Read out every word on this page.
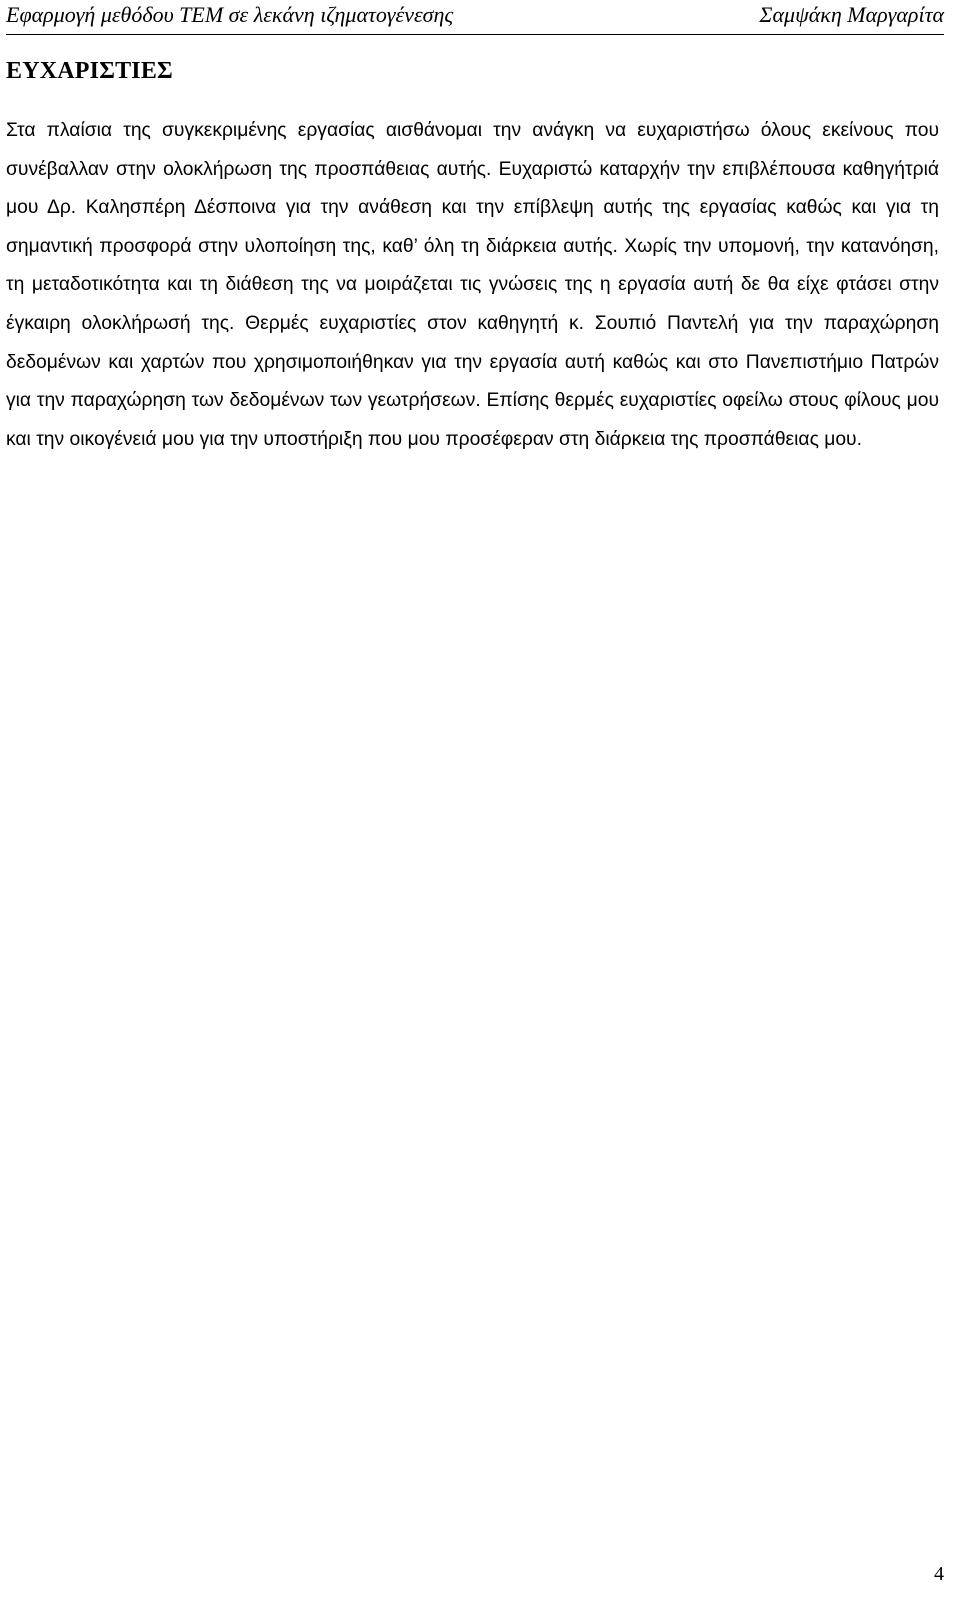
Εφαρμογή μεθόδου ΤΕΜ σε λεκάνη ιζηματογένεσης	Σαμψάκη Μαργαρίτα
ΕΥΧΑΡΙΣΤΙΕΣ

Στα πλαίσια της συγκεκριμένης εργασίας αισθάνομαι την ανάγκη να ευχαριστήσω όλους εκείνους που συνέβαλλαν στην ολοκλήρωση της προσπάθειας αυτής. Ευχαριστώ καταρχήν την επιβλέπουσα καθηγήτριά μου Δρ. Καλησπέρη Δέσποινα για την ανάθεση και την επίβλεψη αυτής της εργασίας καθώς και για τη σημαντική προσφορά στην υλοποίηση της, καθ’ όλη τη διάρκεια αυτής. Χωρίς την υπομονή, την κατανόηση, τη μεταδοτικότητα και τη διάθεση της να μοιράζεται τις γνώσεις της η εργασία αυτή δε θα είχε φτάσει στην έγκαιρη ολοκλήρωσή της. Θερμές ευχαριστίες στον καθηγητή κ. Σουπιό Παντελή για την παραχώρηση δεδομένων και χαρτών που χρησιμοποιήθηκαν για την εργασία αυτή καθώς και στο Πανεπιστήμιο Πατρών για την παραχώρηση των δεδομένων των γεωτρήσεων. Επίσης θερμές ευχαριστίες οφείλω στους φίλους μου και την οικογένειά μου για την υποστήριξη που μου προσέφεραν στη διάρκεια της προσπάθειας μου.

4
